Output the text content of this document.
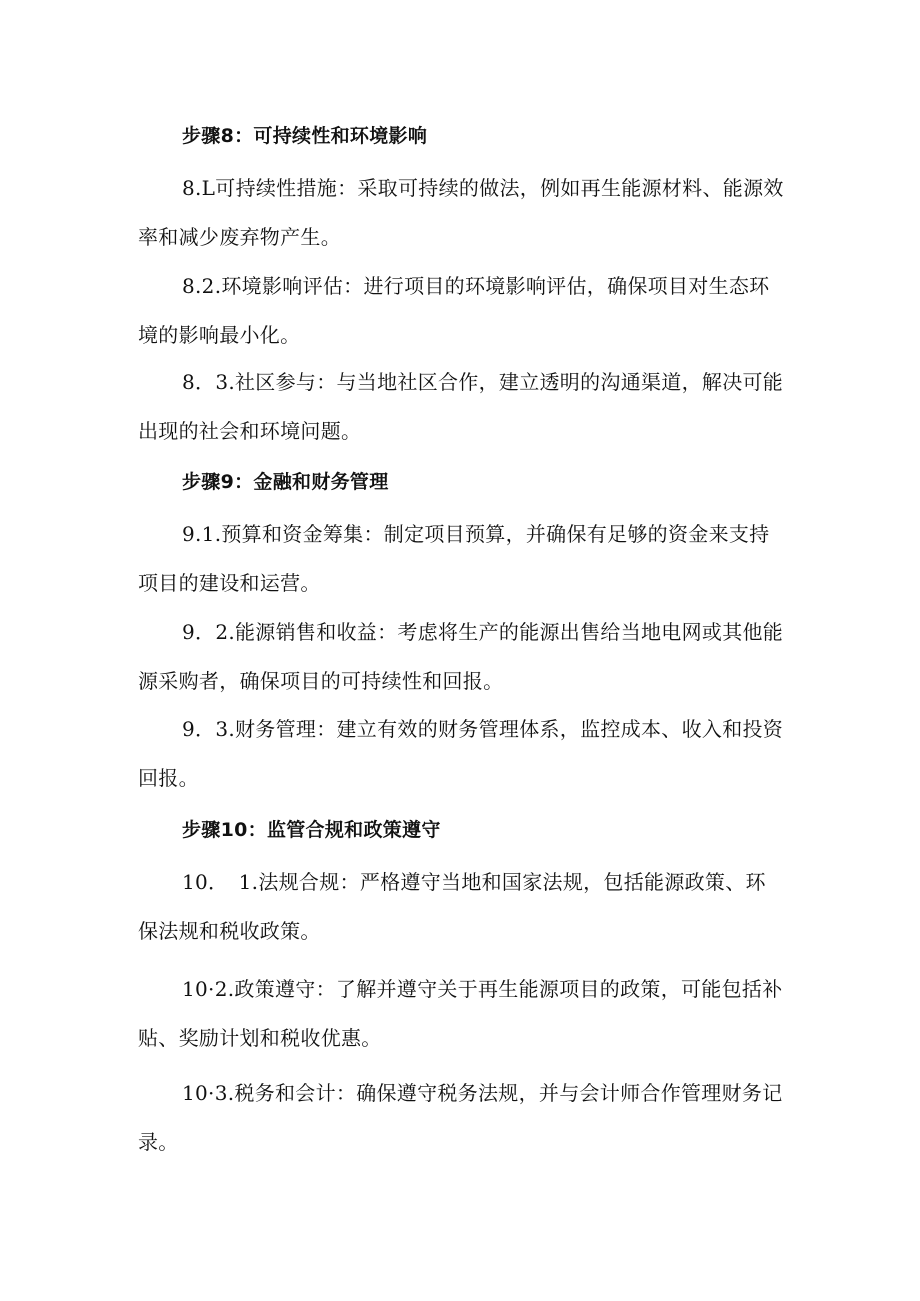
步骤8：可持续性和环境影响
8.L可持续性措施：采取可持续的做法，例如再生能源材料、能源效率和减少废弃物产生。
8.2.环境影响评估：进行项目的环境影响评估，确保项目对生态环境的影响最小化。
8．3.社区参与：与当地社区合作，建立透明的沟通渠道，解决可能出现的社会和环境问题。
步骤9：金融和财务管理
9.1.预算和资金筹集：制定项目预算，并确保有足够的资金来支持项目的建设和运营。
9．2.能源销售和收益：考虑将生产的能源出售给当地电网或其他能源采购者，确保项目的可持续性和回报。
9．3.财务管理：建立有效的财务管理体系，监控成本、收入和投资回报。
步骤10：监管合规和政策遵守
10．　1.法规合规：严格遵守当地和国家法规，包括能源政策、环保法规和税收政策。
10·2.政策遵守：了解并遵守关于再生能源项目的政策，可能包括补贴、奖励计划和税收优惠。
10·3.税务和会计：确保遵守税务法规，并与会计师合作管理财务记录。
